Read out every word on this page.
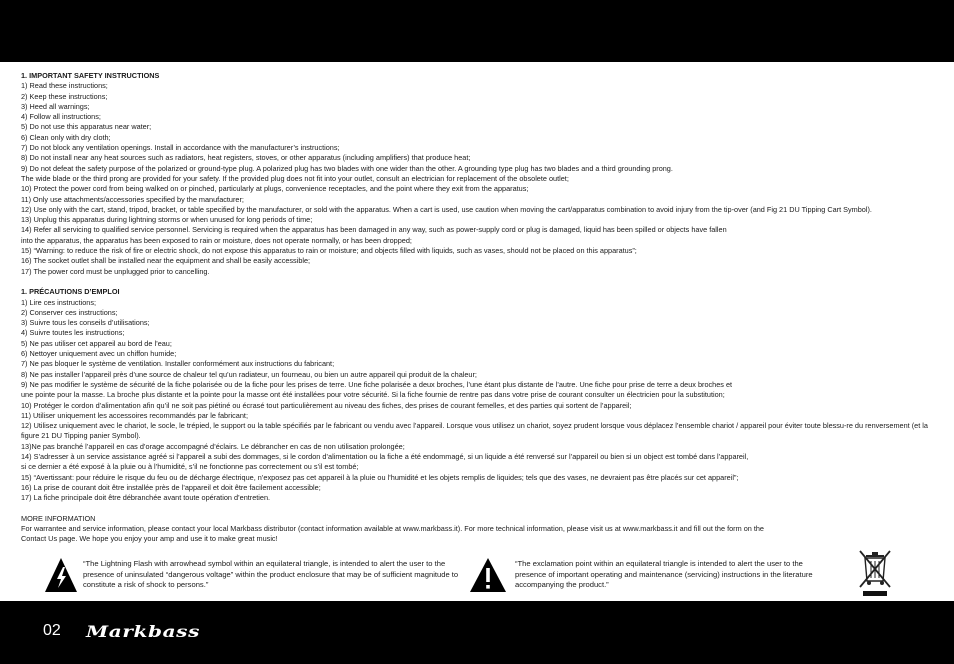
1. IMPORTANT SAFETY INSTRUCTIONS

1) Read these instructions;

2) Keep these instructions;

3) Heed all warnings;

4) Follow all instructions;

5) Do not use this apparatus near water;

6) Clean only with dry cloth;

7) Do not block any ventilation openings. Install in accordance with the manufacturer’s instructions;

8) Do not install near any heat sources such as radiators, heat registers, stoves, or other apparatus (including amplifiers) that produce heat;

9) Do not defeat the safety purpose of the polarized or ground-type plug. A polarized plug has two blades with one wider than the other. A grounding type plug has two blades and a third grounding prong.

The wide blade or the third prong are provided for your safety. If the provided plug does not fit into your outlet, consult an electrician for replacement of the obsolete outlet;

10) Protect the power cord from being walked on or pinched, particularly at plugs, convenience receptacles, and the point where they exit from the apparatus;

11) Only use attachments/accessories specified by the manufacturer;

12) Use only with the cart, stand, tripod, bracket, or table specified by the manufacturer, or sold with the apparatus. When a cart is used, use caution when moving the cart/apparatus combination to avoid injury from the tip-over (and Fig 21 DU Tipping Cart Symbol).

13) Unplug this apparatus during lightning storms or when unused for long periods of time;

14) Refer all servicing to qualified service personnel. Servicing is required when the apparatus has been damaged in any way, such as power-supply cord or plug is damaged, liquid has been spilled or objects have fallen

into the apparatus, the apparatus has been exposed to rain or moisture, does not operate normally, or has been dropped;

15) “Warning: to reduce the risk of fire or electric shock, do not expose this apparatus to rain or moisture; and objects filled with liquids, such as vases, should not be placed on this apparatus”;

16) The socket outlet shall be installed near the equipment and shall be easily accessible;

17) The power cord must be unplugged prior to cancelling.

1. PRÉCAUTIONS D’EMPLOI

1) Lire ces instructions;

2) Conserver ces instructions;

3) Suivre tous les conseils d’utilisations;

4) Suivre toutes les instructions;

5) Ne pas utiliser cet appareil au bord de l’eau;

6) Nettoyer uniquement avec un chiffon humide;

7) Ne pas bloquer le système de ventilation. Installer conformément aux instructions du fabricant;

8) Ne pas installer l’appareil près d’une source de chaleur tel qu’un radiateur, un fourneau, ou bien un autre appareil qui produit de la chaleur;

9) Ne pas modifier le système de sécurité de la fiche polarisée ou de la fiche pour les prises de terre. Une fiche polarisée a deux broches, l’une étant plus distante de l’autre. Une fiche pour prise de terre a deux broches et

une pointe pour la masse. La broche plus distante et la pointe pour la masse ont été installées pour votre sécurité. Si la fiche fournie de rentre pas dans votre prise de courant consulter un électricien pour la substitution;

10) Protéger le cordon d’alimentation afin qu’il ne soit pas piétiné ou écrasé tout particulièrement au niveau des fiches, des prises de courant femelles, et des parties qui sortent de l’appareil;

11) Utiliser uniquement les accessoires recommandés par le fabricant;

12) Utilisez uniquement avec le chariot, le socle, le trépied, le support ou la table spécifiés par le fabricant ou vendu avec l’appareil. Lorsque vous utilisez un chariot, soyez prudent lorsque vous déplacez l’ensemble chariot / appareil pour éviter toute blessu-re du renversement (et la figure 21 DU Tipping panier Symbol).

13)Ne pas branché l’appareil en cas d’orage accompagné d’éclairs. Le débrancher en cas de non utilisation prolongée;

14) S’adresser à un service assistance agréé si l’appareil a subi des dommages, si le cordon d’alimentation ou la fiche a été endommagé, si un liquide a été renversé sur l’appareil ou bien si un object est tombé dans l’appareil,

si ce dernier a été exposé à la pluie ou à l’humidité, s’il ne fonctionne pas correctement ou s’il est tombé;

15) “Avertissant: pour réduire le risque du feu ou de décharge électrique, n’exposez pas cet appareil à la pluie ou l’humidité et les objets remplis de liquides; tels que des vases, ne devraient pas être placés sur cet appareil”;

16) La prise de courant doit être installée près de l’appareil et doit être facilement accessible;

17) La fiche principale doit être débranchée avant toute opération d’entretien.

MORE INFORMATION

For warrantee and service information, please contact your local Markbass distributor (contact information available at www.markbass.it). For more technical information, please visit us at www.markbass.it and fill out the form on the

Contact Us page. We hope you enjoy your amp and use it to make great music!

“The Lightning Flash with arrowhead symbol within an equilateral triangle, is intended to alert the user to the presence of uninsulated “dangerous voltage” within the product enclosure that may be of sufficient magnitude to constitute a risk of shock to persons.”
“The exclamation point within an equilateral triangle is intended to alert the user to the presence of important operating and maintenance (servicing) instructions in the literature accompanying the product.”
02 Markbass
